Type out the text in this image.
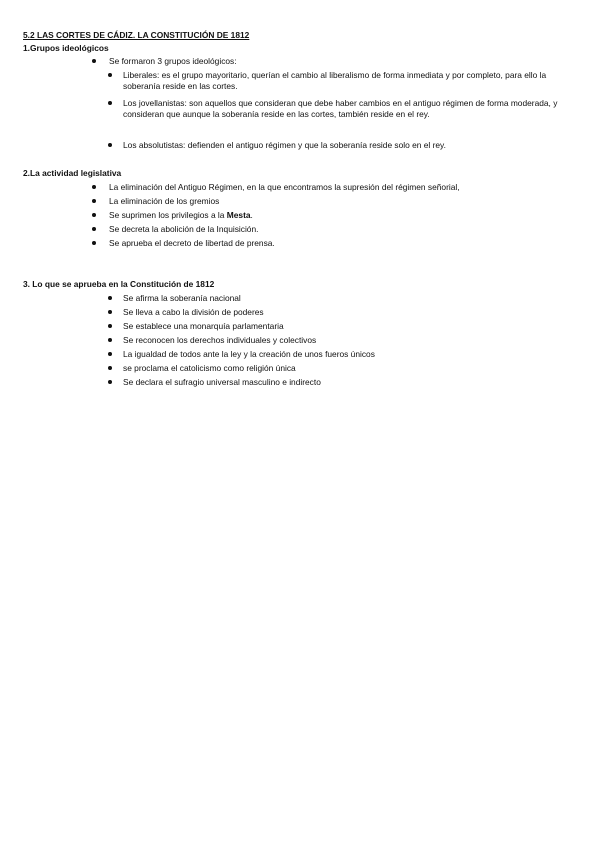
5.2 LAS CORTES DE CÁDIZ. LA CONSTITUCIÓN DE 1812
1.Grupos ideológicos
Se formaron 3 grupos ideológicos:
Liberales: es el grupo mayoritario, querían el cambio al liberalismo de forma inmediata y por completo, para ello la soberanía reside en las cortes.
Los jovellanistas: son aquellos que consideran que debe haber cambios en el antiguo régimen de forma moderada, y consideran que aunque la soberanía reside en las cortes, también reside en el rey.
Los absolutistas: defienden el antiguo régimen y que la soberanía reside solo en el rey.
2.La actividad legislativa
La eliminación del Antiguo Régimen, en la que encontramos la supresión del régimen señorial,
La eliminación de los gremios
Se suprimen los privilegios a la Mesta.
Se decreta la abolición de la Inquisición.
Se aprueba el decreto de libertad de prensa.
3. Lo que se aprueba en la Constitución de 1812
Se afirma la soberanía nacional
Se lleva a cabo la división de poderes
Se establece una monarquía parlamentaria
Se reconocen los derechos individuales y colectivos
La igualdad de todos ante la ley y la creación de unos fueros únicos
se proclama el catolicismo como religión única
Se declara el sufragio universal masculino e indirecto
